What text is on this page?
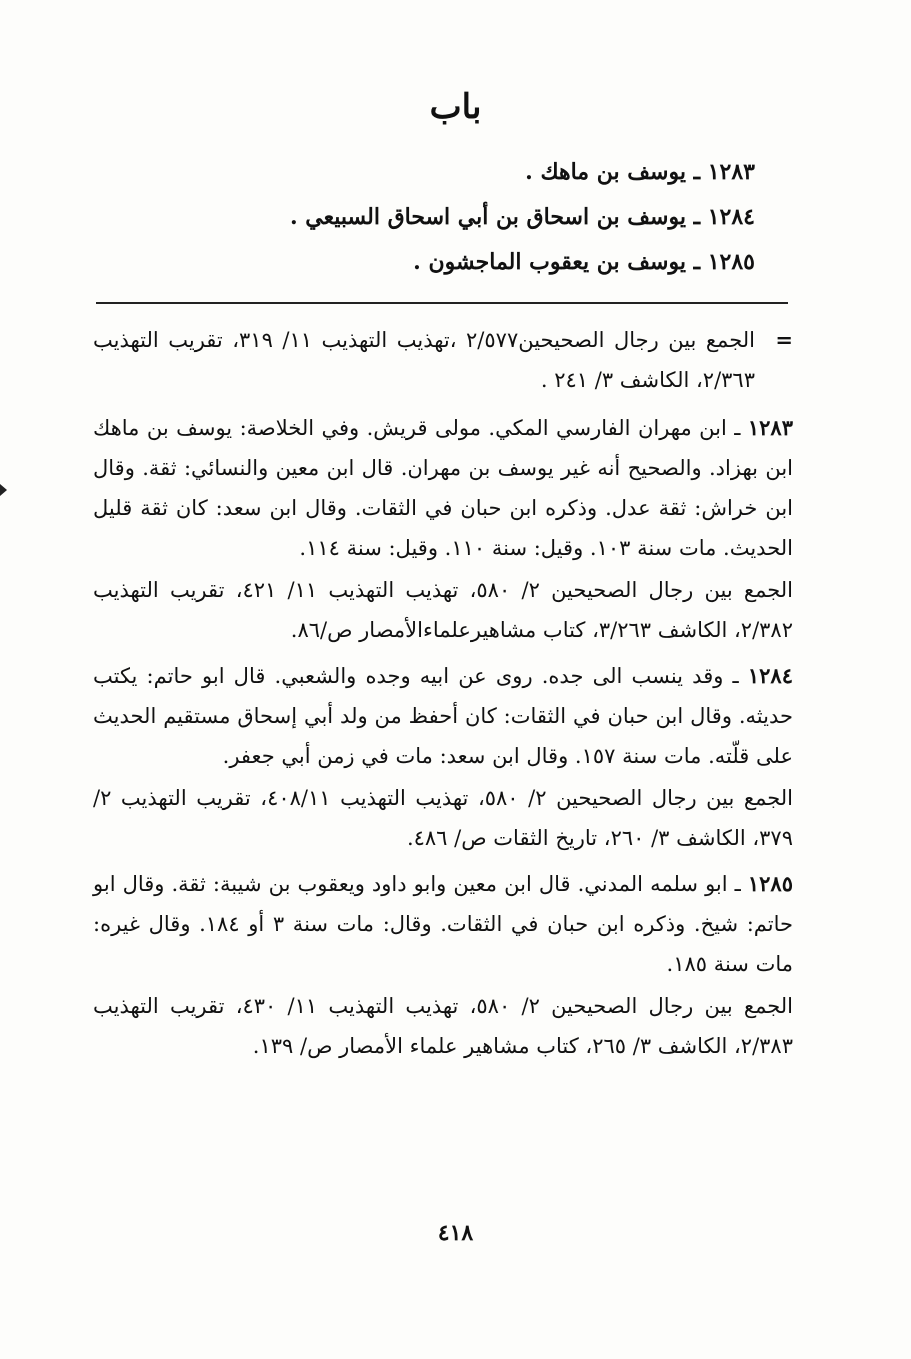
باب
١٢٨٣ ـ يوسف بن ماهك .
١٢٨٤ ـ يوسف بن اسحاق بن أبي اسحاق السبيعي .
١٢٨٥ ـ يوسف بن يعقوب الماجشون .
=

الجمع بين رجال الصحيحين٢/٥٧٧ ،تهذيب التهذيب ١١/ ٣١٩، تقريب التهذيب ٢/٣٦٣، الكاشف ٣/ ٢٤١ .

١٢٨٣ ـ ابن مهران الفارسي المكي. مولى قريش. وفي الخلاصة: يوسف بن ماهك ابن بهزاد. والصحيح أنه غير يوسف بن مهران. قال ابن معين والنسائي: ثقة. وقال ابن خراش: ثقة عدل. وذكره ابن حبان في الثقات. وقال ابن سعد: كان ثقة قليل الحديث. مات سنة ١٠٣. وقيل: سنة ١١٠. وقيل: سنة ١١٤.

الجمع بين رجال الصحيحين ٢/ ٥٨٠، تهذيب التهذيب ١١/ ٤٢١، تقريب التهذيب ٢/٣٨٢، الكاشف ٣/٢٦٣، كتاب مشاهيرعلماءالأمصار ص/٨٦.

١٢٨٤ ـ وقد ينسب الى جده. روى عن ابيه وجده والشعبي. قال ابو حاتم: يكتب حديثه. وقال ابن حبان في الثقات: كان أحفظ من ولد أبي إسحاق مستقيم الحديث على قلّته. مات سنة ١٥٧. وقال ابن سعد: مات في زمن أبي جعفر.

الجمع بين رجال الصحيحين ٢/ ٥٨٠، تهذيب التهذيب ٤٠٨/١١، تقريب التهذيب ٢/ ٣٧٩، الكاشف ٣/ ٢٦٠، تاريخ الثقات ص/ ٤٨٦.

١٢٨٥ ـ ابو سلمه المدني. قال ابن معين وابو داود ويعقوب بن شيبة: ثقة. وقال ابو حاتم: شيخ. وذكره ابن حبان في الثقات. وقال: مات سنة ٣ أو ١٨٤. وقال غيره: مات سنة ١٨٥.

الجمع بين رجال الصحيحين ٢/ ٥٨٠، تهذيب التهذيب ١١/ ٤٣٠، تقريب التهذيب ٢/٣٨٣، الكاشف ٣/ ٢٦٥، كتاب مشاهير علماء الأمصار ص/ ١٣٩.

٤١٨
